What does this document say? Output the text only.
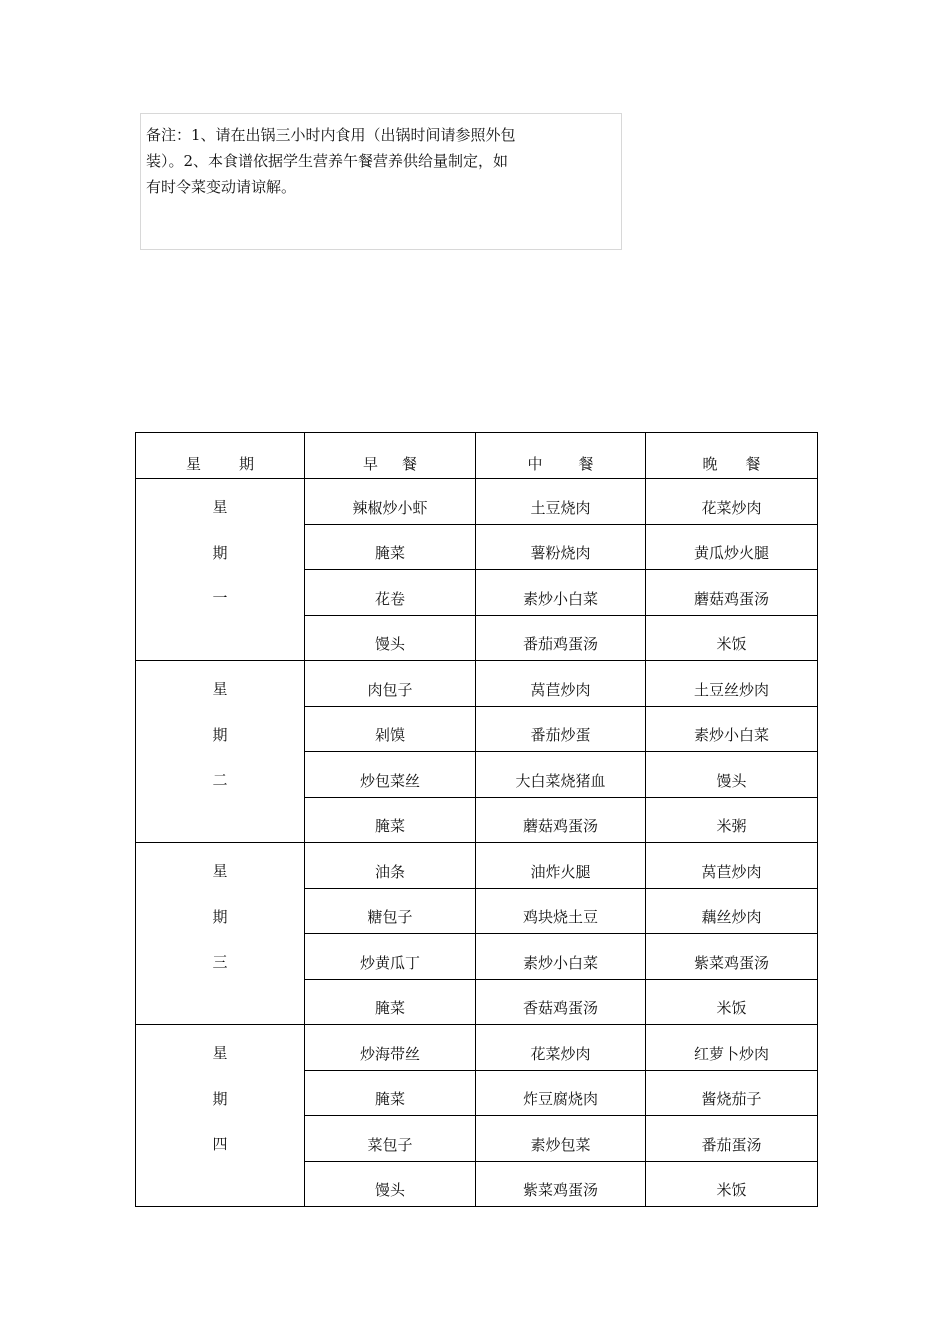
备注：1、请在出锅三小时内食用（出锅时间请参照外包
装）。2、本食谱依据学生营养午餐营养供给量制定，如
有时令菜变动请谅解。
星 期	早 餐	中 餐	晚 餐

星
期
一	辣椒炒小虾	土豆烧肉	花菜炒肉
	腌菜	薯粉烧肉	黄瓜炒火腿
	花卷	素炒小白菜	蘑菇鸡蛋汤
	馒头	番茄鸡蛋汤	米饭

星
期
二	肉包子	莴苣炒肉	土豆丝炒肉
	剁馍	番茄炒蛋	素炒小白菜
	炒包菜丝	大白菜烧猪血	馒头
	腌菜	蘑菇鸡蛋汤	米粥

星
期
三	油条	油炸火腿	莴苣炒肉
	糖包子	鸡块烧土豆	藕丝炒肉
	炒黄瓜丁	素炒小白菜	紫菜鸡蛋汤
	腌菜	香菇鸡蛋汤	米饭

星
期
四	炒海带丝	花菜炒肉	红萝卜炒肉
	腌菜	炸豆腐烧肉	酱烧茄子
	菜包子	素炒包菜	番茄蛋汤
	馒头	紫菜鸡蛋汤	米饭
